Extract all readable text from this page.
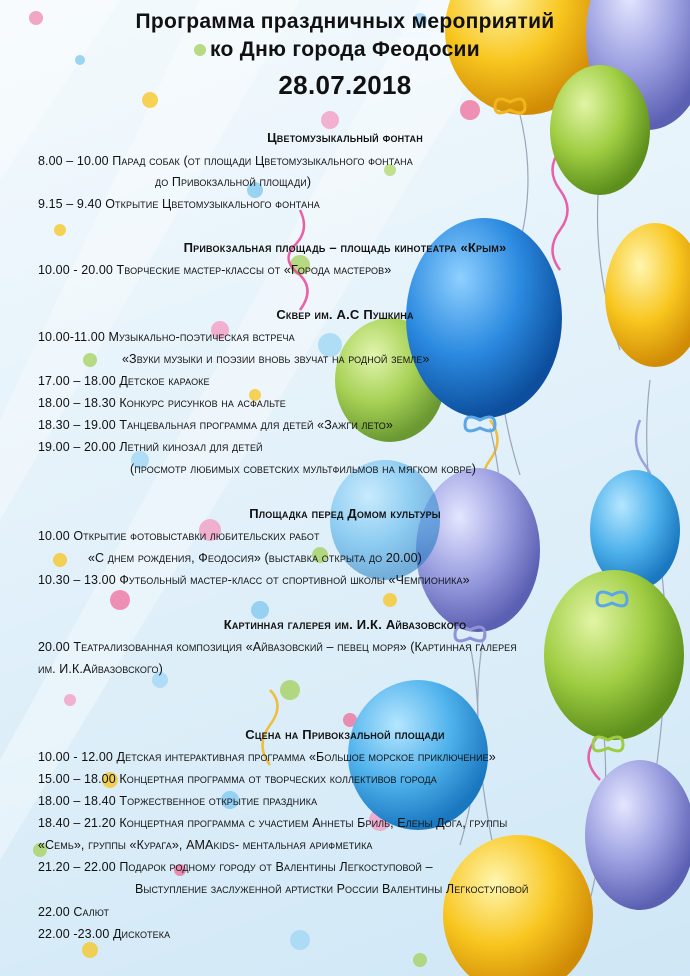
Программа праздничных мероприятий
ко Дню города Феодосии
28.07.2018
Цветомузыкальный фонтан
8.00 – 10.00 Парад собак (от площади Цветомузыкального фонтана
до Привокзальной площади)
9.15 – 9.40 Открытие Цветомузыкального фонтана
Привокзальная площадь – площадь кинотеатра «Крым»
10.00 - 20.00 Творческие мастер-классы от «Города мастеров»
Сквер им. А.С Пушкина
10.00-11.00 Музыкально-поэтическая встреча
«Звуки музыки и поэзии вновь звучат на родной земле»
17.00 – 18.00 Детское караоке
18.00 – 18.30 Конкурс рисунков на асфальте
18.30 – 19.00 Танцевальная программа для детей «Зажги лето»
19.00 – 20.00 Летний кинозал для детей
(просмотр любимых советских мультфильмов на мягком ковре)
Площадка перед Домом культуры
10.00 Открытие фотовыставки любительских работ
«С днем рождения, Феодосия» (выставка открыта до 20.00)
10.30 – 13.00 Футбольный мастер-класс от спортивной школы «Чемпионика»
Картинная галерея им. И.К. Айвазовского
20.00 Театрализованная композиция «Айвазовский – певец моря» (Картинная галерея
им. И.К.Айвазовского)
Сцена на Привокзальной площади
10.00 - 12.00 Детская интерактивная программа «Большое морское приключение»
15.00 – 18.00 Концертная программа от творческих коллективов города
18.00 – 18.40 Торжественное открытие праздника
18.40 – 21.20 Концертная программа с участием Аннеты Бриль, Елены Дога, группы
«Семь», группы «Курага», AMAkids- ментальная арифметика
21.20 – 22.00 Подарок родному городу от Валентины Легкоступовой –
Выступление заслуженной артистки России Валентины Легкоступовой
22.00 Салют
22.00 -23.00 Дискотека
